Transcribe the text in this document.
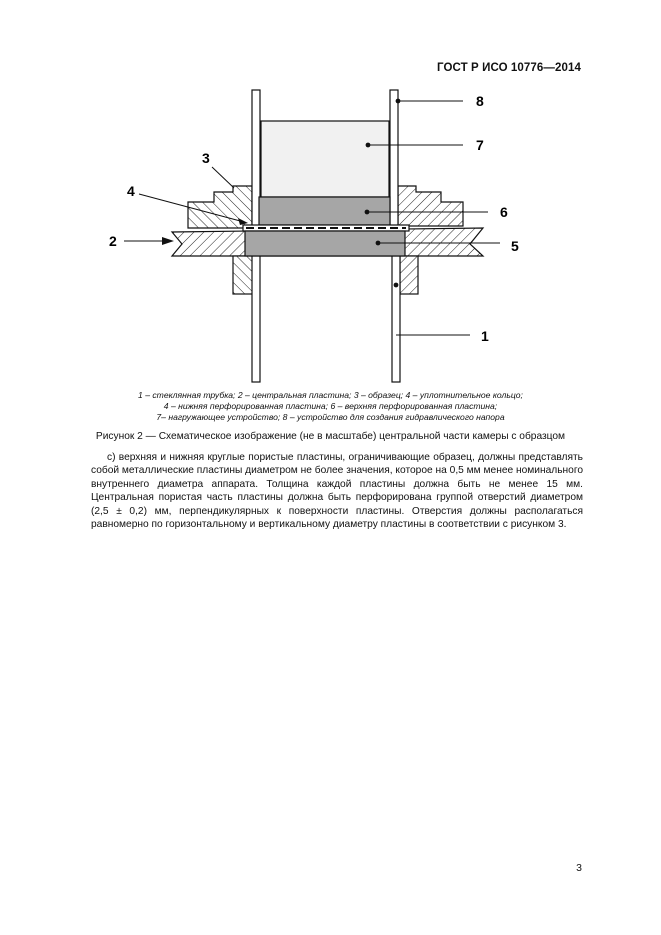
ГОСТ Р ИСО 10776—2014
8
7
3
4
6
2	5
1
1 – стеклянная трубка; 2 – центральная пластина; 3 – образец; 4 – уплотнительное кольцо;
4 – нижняя перфорированная пластина; 6 – верхняя перфорированная пластина;
7– нагружающее устройство; 8 – устройство для создания гидравлического напора
Рисунок 2 — Схематическое изображение (не в масштабе) центральной части камеры с образцом

c) верхняя и нижняя круглые пористые пластины, ограничивающие образец, должны представлять собой металлические пластины диаметром не более значения, которое на 0,5 мм менее номинального внутреннего диаметра аппарата. Толщина каждой пластины должна быть не менее 15 мм. Центральная пористая часть пластины должна быть перфорирована группой отверстий диаметром (2,5 ± 0,2) мм, перпендикулярных к поверхности пластины. Отверстия должны располагаться равномерно по горизонтальному и вертикальному диаметру пластины в соответствии с рисунком 3.

3
